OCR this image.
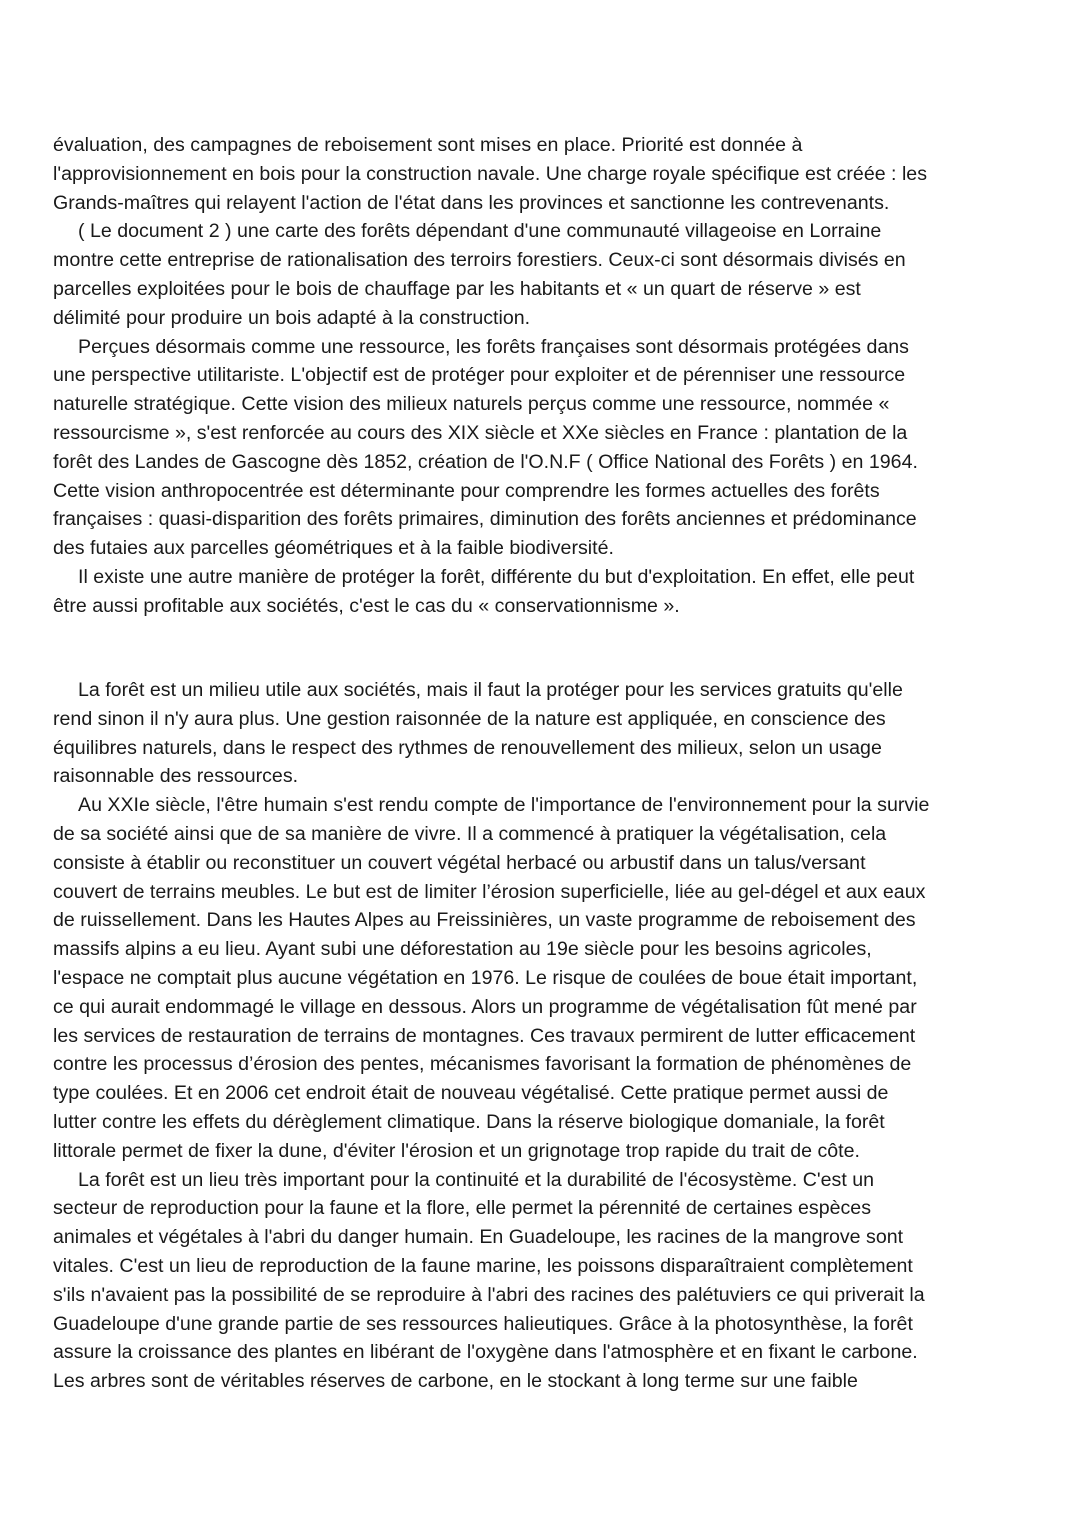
évaluation, des campagnes de reboisement sont mises en place. Priorité est donnée à
l'approvisionnement en bois pour la construction navale. Une charge royale spécifique est créée : les
Grands-maîtres qui relayent l'action de l'état dans les provinces et sanctionne les contrevenants.
( Le document 2 ) une carte des forêts dépendant d'une communauté villageoise en Lorraine
montre cette entreprise de rationalisation des terroirs forestiers. Ceux-ci sont désormais divisés en
parcelles exploitées pour le bois de chauffage par les habitants et « un quart de réserve » est
délimité pour produire un bois adapté à la construction.
Perçues désormais comme une ressource, les forêts françaises sont désormais protégées dans
une perspective utilitariste. L'objectif est de protéger pour exploiter et de pérenniser une ressource
naturelle stratégique. Cette vision des milieux naturels perçus comme une ressource, nommée «
ressourcisme », s'est renforcée au cours des XIX siècle et XXe siècles en France : plantation de la
forêt des Landes de Gascogne dès 1852, création de l'O.N.F ( Office National des Forêts ) en 1964.
Cette vision anthropocentrée est déterminante pour comprendre les formes actuelles des forêts
françaises : quasi-disparition des forêts primaires, diminution des forêts anciennes et prédominance
des futaies aux parcelles géométriques et à la faible biodiversité.
Il existe une autre manière de protéger la forêt, différente du but d'exploitation. En effet, elle peut
être aussi profitable aux sociétés, c'est le cas du « conservationnisme ».
La forêt est un milieu utile aux sociétés, mais il faut la protéger pour les services gratuits qu'elle
rend sinon il n'y aura plus. Une gestion raisonnée de la nature est appliquée, en conscience des
équilibres naturels, dans le respect des rythmes de renouvellement des milieux, selon un usage
raisonnable des ressources.
Au XXIe siècle, l'être humain s'est rendu compte de l'importance de l'environnement pour la survie
de sa société ainsi que de sa manière de vivre. Il a commencé à pratiquer la végétalisation, cela
consiste à établir ou reconstituer un couvert végétal herbacé ou arbustif dans un talus/versant
couvert de terrains meubles. Le but est de limiter l’érosion superficielle, liée au gel-dégel et aux eaux
de ruissellement. Dans les Hautes Alpes au Freissinières, un vaste programme de reboisement des
massifs alpins a eu lieu. Ayant subi une déforestation au 19e siècle pour les besoins agricoles,
l'espace ne comptait plus aucune végétation en 1976. Le risque de coulées de boue était important,
ce qui aurait endommagé le village en dessous. Alors un programme de végétalisation fût mené par
les services de restauration de terrains de montagnes. Ces travaux permirent de lutter efficacement
contre les processus d’érosion des pentes, mécanismes favorisant la formation de phénomènes de
type coulées. Et en 2006 cet endroit était de nouveau végétalisé. Cette pratique permet aussi de
lutter contre les effets du dérèglement climatique. Dans la réserve biologique domaniale, la forêt
littorale permet de fixer la dune, d'éviter l'érosion et un grignotage trop rapide du trait de côte.
La forêt est un lieu très important pour la continuité et la durabilité de l'écosystème. C'est un
secteur de reproduction pour la faune et la flore, elle permet la pérennité de certaines espèces
animales et végétales à l'abri du danger humain. En Guadeloupe, les racines de la mangrove sont
vitales. C'est un lieu de reproduction de la faune marine, les poissons disparaîtraient complètement
s'ils n'avaient pas la possibilité de se reproduire à l'abri des racines des palétuviers ce qui priverait la
Guadeloupe d'une grande partie de ses ressources halieutiques. Grâce à la photosynthèse, la forêt
assure la croissance des plantes en libérant de l'oxygène dans l'atmosphère et en fixant le carbone.
Les arbres sont de véritables réserves de carbone, en le stockant à long terme sur une faible
